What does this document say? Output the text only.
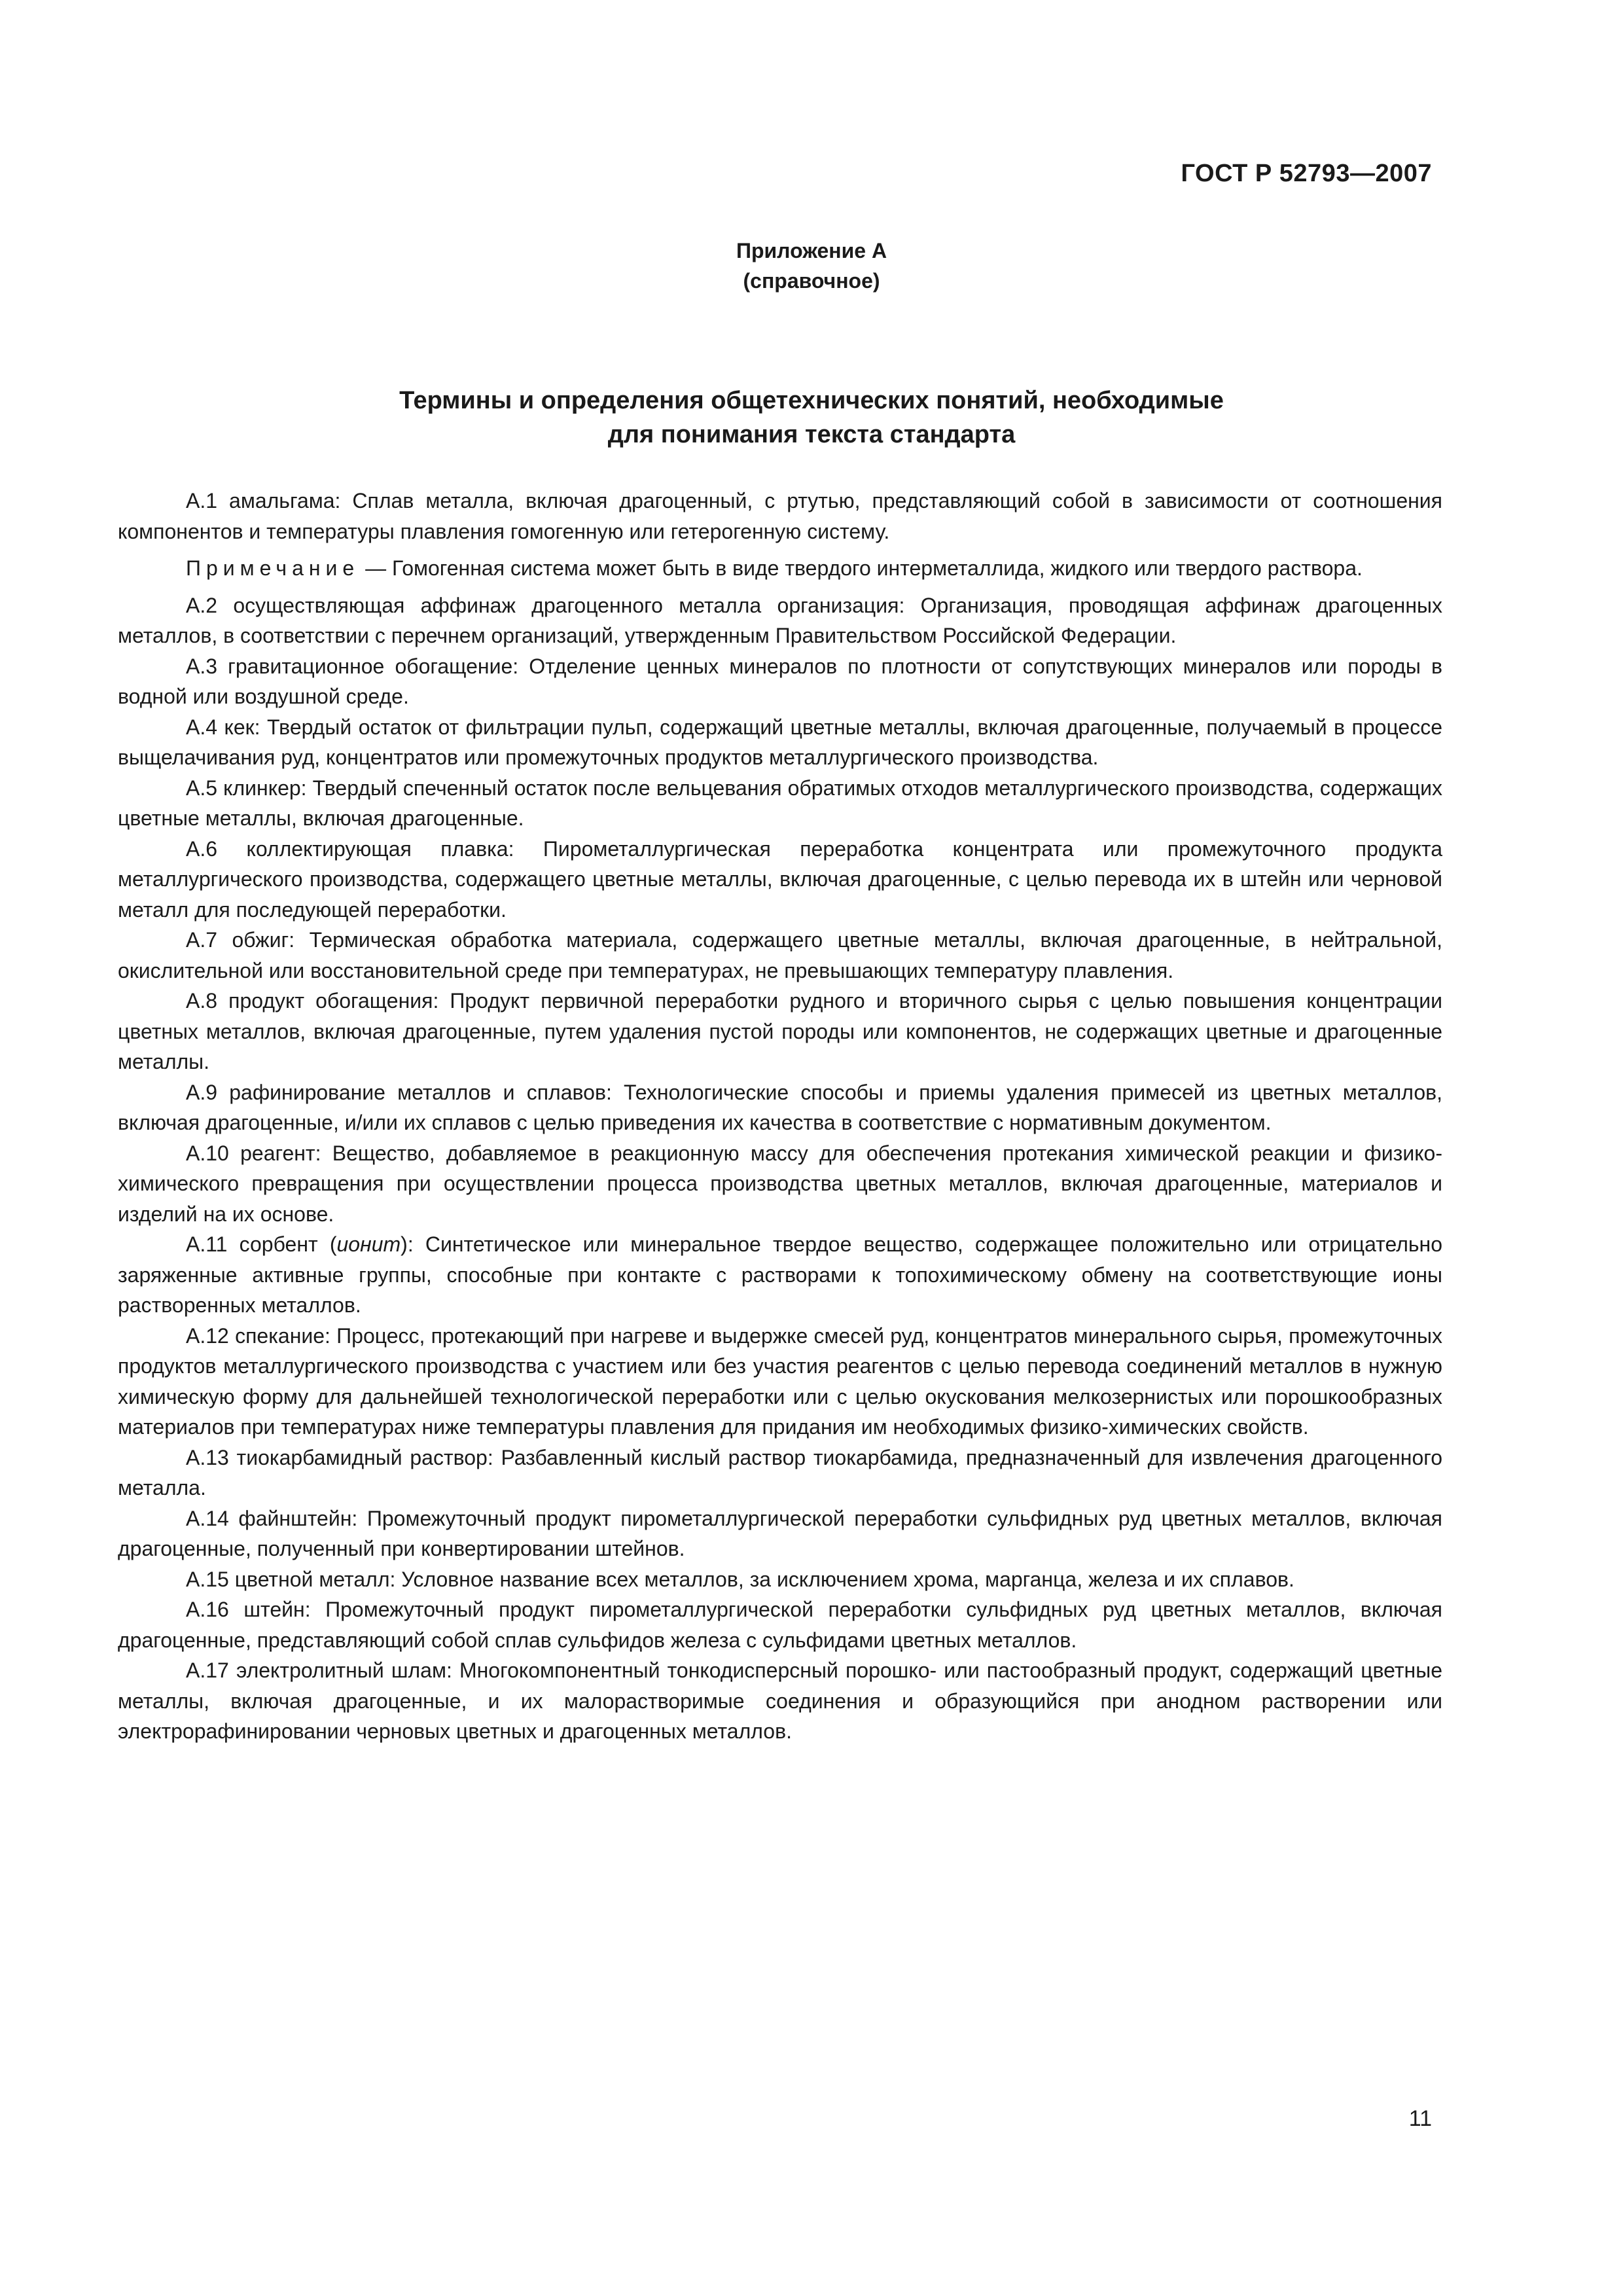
ГОСТ Р 52793—2007
Приложение А
(справочное)
Термины и определения общетехнических понятий, необходимые
для понимания текста стандарта

А.1 амальгама: Сплав металла, включая драгоценный, с ртутью, представляющий собой в зависимости от соотношения компонентов и температуры плавления гомогенную или гетерогенную систему.

Примечание — Гомогенная система может быть в виде твердого интерметаллида, жидкого или твердого раствора.

А.2 осуществляющая аффинаж драгоценного металла организация: Организация, проводящая аффинаж драгоценных металлов, в соответствии с перечнем организаций, утвержденным Правительством Российской Федерации.

А.3 гравитационное обогащение: Отделение ценных минералов по плотности от сопутствующих минералов или породы в водной или воздушной среде.

А.4 кек: Твердый остаток от фильтрации пульп, содержащий цветные металлы, включая драгоценные, получаемый в процессе выщелачивания руд, концентратов или промежуточных продуктов металлургического производства.

А.5 клинкер: Твердый спеченный остаток после вельцевания обратимых отходов металлургического производства, содержащих цветные металлы, включая драгоценные.

А.6 коллектирующая плавка: Пирометаллургическая переработка концентрата или промежуточного продукта металлургического производства, содержащего цветные металлы, включая драгоценные, с целью перевода их в штейн или черновой металл для последующей переработки.

А.7 обжиг: Термическая обработка материала, содержащего цветные металлы, включая драгоценные, в нейтральной, окислительной или восстановительной среде при температурах, не превышающих температуру плавления.

А.8 продукт обогащения: Продукт первичной переработки рудного и вторичного сырья с целью повышения концентрации цветных металлов, включая драгоценные, путем удаления пустой породы или компонентов, не содержащих цветные и драгоценные металлы.

А.9 рафинирование металлов и сплавов: Технологические способы и приемы удаления примесей из цветных металлов, включая драгоценные, и/или их сплавов с целью приведения их качества в соответствие с нормативным документом.

А.10 реагент: Вещество, добавляемое в реакционную массу для обеспечения протекания химической реакции и физико-химического превращения при осуществлении процесса производства цветных металлов, включая драгоценные, материалов и изделий на их основе.

А.11 сорбент (ионит): Синтетическое или минеральное твердое вещество, содержащее положительно или отрицательно заряженные активные группы, способные при контакте с растворами к топохимическому обмену на соответствующие ионы растворенных металлов.

А.12 спекание: Процесс, протекающий при нагреве и выдержке смесей руд, концентратов минерального сырья, промежуточных продуктов металлургического производства с участием или без участия реагентов с целью перевода соединений металлов в нужную химическую форму для дальнейшей технологической переработки или с целью окускования мелкозернистых или порошкообразных материалов при температурах ниже температуры плавления для придания им необходимых физико-химических свойств.

А.13 тиокарбамидный раствор: Разбавленный кислый раствор тиокарбамида, предназначенный для извлечения драгоценного металла.

А.14 файнштейн: Промежуточный продукт пирометаллургической переработки сульфидных руд цветных металлов, включая драгоценные, полученный при конвертировании штейнов.

А.15 цветной металл: Условное название всех металлов, за исключением хрома, марганца, железа и их сплавов.

А.16 штейн: Промежуточный продукт пирометаллургической переработки сульфидных руд цветных металлов, включая драгоценные, представляющий собой сплав сульфидов железа с сульфидами цветных металлов.

А.17 электролитный шлам: Многокомпонентный тонкодисперсный порошко- или пастообразный продукт, содержащий цветные металлы, включая драгоценные, и их малорастворимые соединения и образующийся при анодном растворении или электрорафинировании черновых цветных и драгоценных металлов.

11
